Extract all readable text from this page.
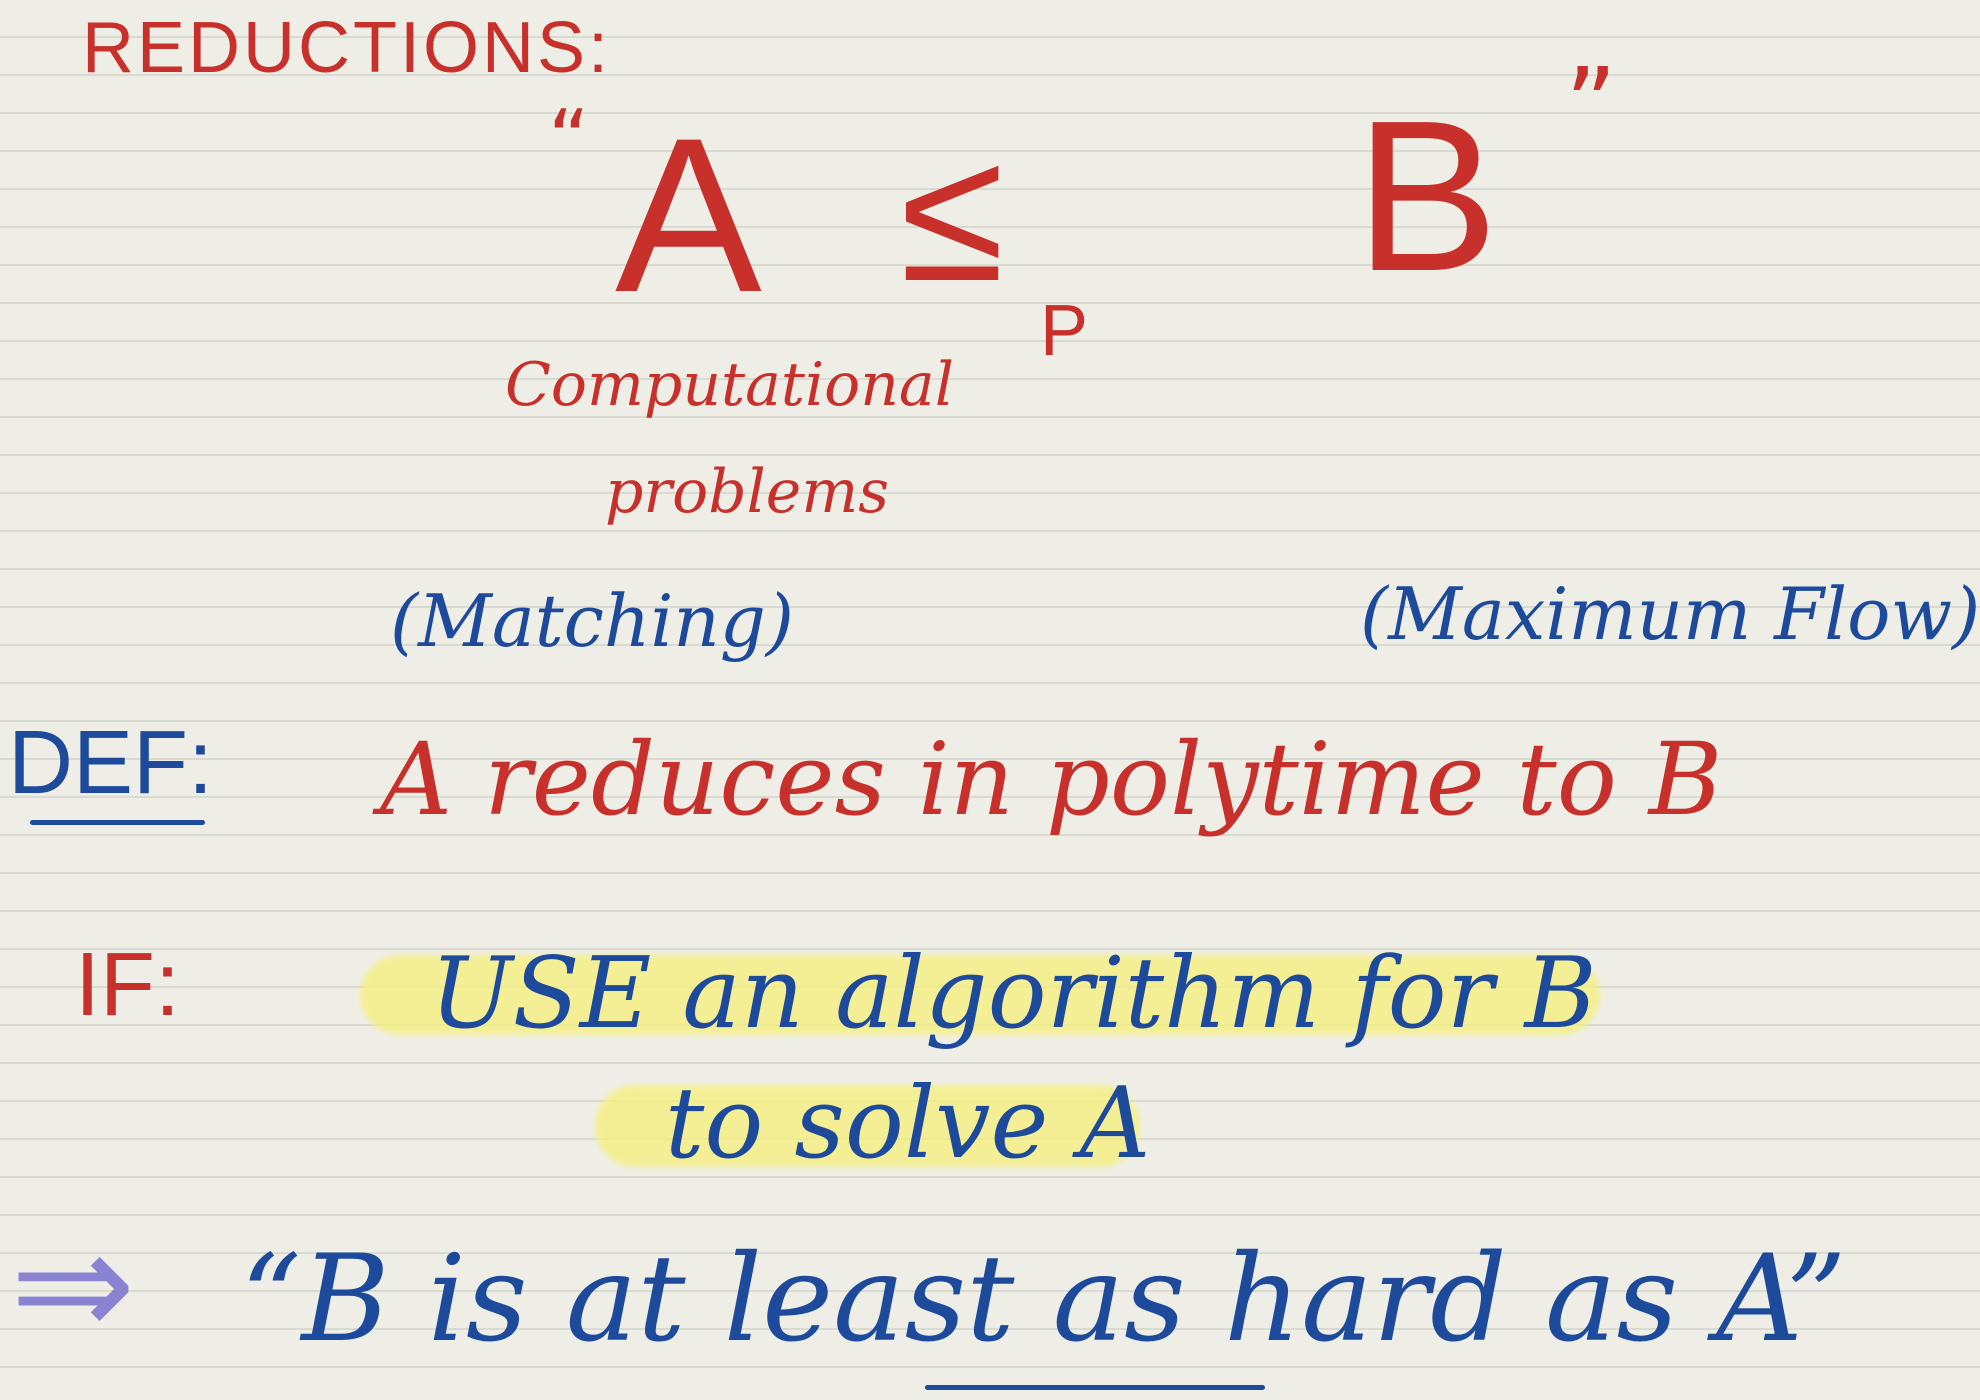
REDUCTIONS:
“ A ≤
P
B ”
Computational
problems
(Matching)	(Maximum Flow)
DEF: A reduces in polytime to B
IF:	USE an algorithm for B
to solve A
⇒ “B is at least as hard as A”
